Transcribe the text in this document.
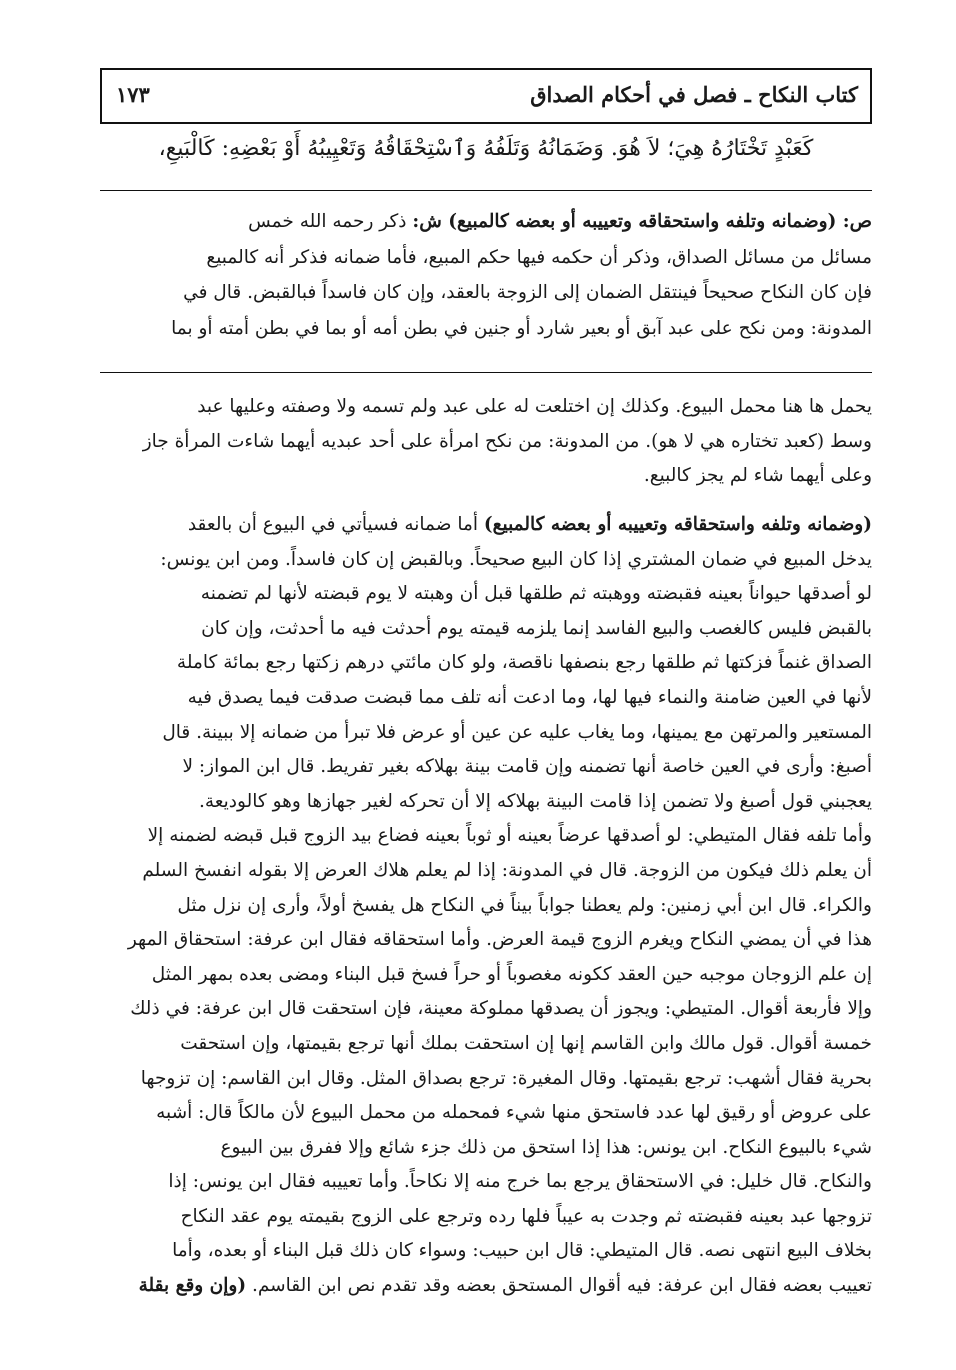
كتاب النكاح ـ فصل في أحكام الصداق
١٧٣
كَعَبْدٍ تَخْتَارُهُ هِيَ؛ لاَ هُوَ. وَضَمَانُهُ وَتَلَفُهُ وَٱسْتِحْقَاقُهُ وَتَعْيِيبُهُ أَوْ بَعْضِهِ: كَالْبَيعِ،
ص: (وضمانه وتلفه واستحقاقه وتعييبه أو بعضه كالمبيع) ش: ذكر رحمه الله خمس
مسائل من مسائل الصداق، وذكر أن حكمه فيها حكم المبيع، فأما ضمانه فذكر أنه كالمبيع
فإن كان النكاح صحيحاً فينتقل الضمان إلى الزوجة بالعقد، وإن كان فاسداً فبالقبض. قال في
المدونة: ومن نكح على عبد آبق أو بعير شارد أو جنين في بطن أمه أو بما في بطن أمته أو بما
يحمل ها هنا محمل البيوع. وكذلك إن اختلعت له على عبد ولم تسمه ولا وصفته وعليها عبد
وسط (كعبد تختاره هي لا هو). من المدونة: من نكح امرأة على أحد عبديه أيهما شاءت المرأة جاز
وعلى أيهما شاء لم يجز كالبيع.
(وضمانه وتلفه واستحقاقه وتعييبه أو بعضه كالمبيع) أما ضمانه فسيأتي في البيوع أن بالعقد
يدخل المبيع في ضمان المشتري إذا كان البيع صحيحاً. وبالقبض إن كان فاسداً. ومن ابن يونس:
لو أصدقها حيواناً بعينه فقبضته ووهبته ثم طلقها قبل أن وهبته لا يوم قبضته لأنها لم تضمنه
بالقبض فليس كالغصب والبيع الفاسد إنما يلزمه قيمته يوم أحدثت فيه ما أحدثت، وإن كان
الصداق غنماً فزكتها ثم طلقها رجع بنصفها ناقصة، ولو كان مائتي درهم زكتها رجع بمائة كاملة
لأنها في العين ضامنة والنماء فيها لها، وما ادعت أنه تلف مما قبضت صدقت فيما يصدق فيه
المستعير والمرتهن مع يمينها، وما يغاب عليه عن عين أو عرض فلا تبرأ من ضمانه إلا ببينة. قال
أصبغ: وأرى في العين خاصة أنها تضمنه وإن قامت بينة بهلاكه بغير تفريط. قال ابن المواز: لا
يعجبني قول أصبغ ولا تضمن إذا قامت البينة بهلاكه إلا أن تحركه لغير جهازها وهو كالوديعة.
وأما تلفه فقال المتيطي: لو أصدقها عرضاً بعينه أو ثوباً بعينه فضاع بيد الزوج قبل قبضه لضمنه إلا
أن يعلم ذلك فيكون من الزوجة. قال في المدونة: إذا لم يعلم هلاك العرض إلا بقوله انفسخ السلم
والكراء. قال ابن أبي زمنين: ولم يعطنا جواباً بيناً في النكاح هل يفسخ أولاً، وأرى إن نزل مثل
هذا في أن يمضي النكاح ويغرم الزوج قيمة العرض. وأما استحقاقه فقال ابن عرفة: استحقاق المهر
إن علم الزوجان موجبه حين العقد ككونه مغصوباً أو حراً فسخ قبل البناء ومضى بعده بمهر المثل
وإلا فأربعة أقوال. المتيطي: ويجوز أن يصدقها مملوكة معينة، فإن استحقت قال ابن عرفة: في ذلك
خمسة أقوال. قول مالك وابن القاسم إنها إن استحقت بملك أنها ترجع بقيمتها، وإن استحقت
بحرية فقال أشهب: ترجع بقيمتها. وقال المغيرة: ترجع بصداق المثل. وقال ابن القاسم: إن تزوجها
على عروض أو رقيق لها عدد فاستحق منها شيء فمحمله من محمل البيوع لأن مالكاً قال: أشبه
شيء بالبيوع النكاح. ابن يونس: هذا إذا استحق من ذلك جزء شائع وإلا ففرق بين البيوع
والنكاح. قال خليل: في الاستحقاق يرجع بما خرج منه إلا نكاحاً. وأما تعييبه فقال ابن يونس: إذا
تزوجها عبد بعينه فقبضته ثم وجدت به عيباً فلها رده وترجع على الزوج بقيمته يوم عقد النكاح
بخلاف البيع انتهى نصه. قال المتيطي: قال ابن حبيب: وسواء كان ذلك قبل البناء أو بعده، وأما
تعييب بعضه فقال ابن عرفة: فيه أقوال المستحق بعضه وقد تقدم نص ابن القاسم. (وإن وقع بقلة
